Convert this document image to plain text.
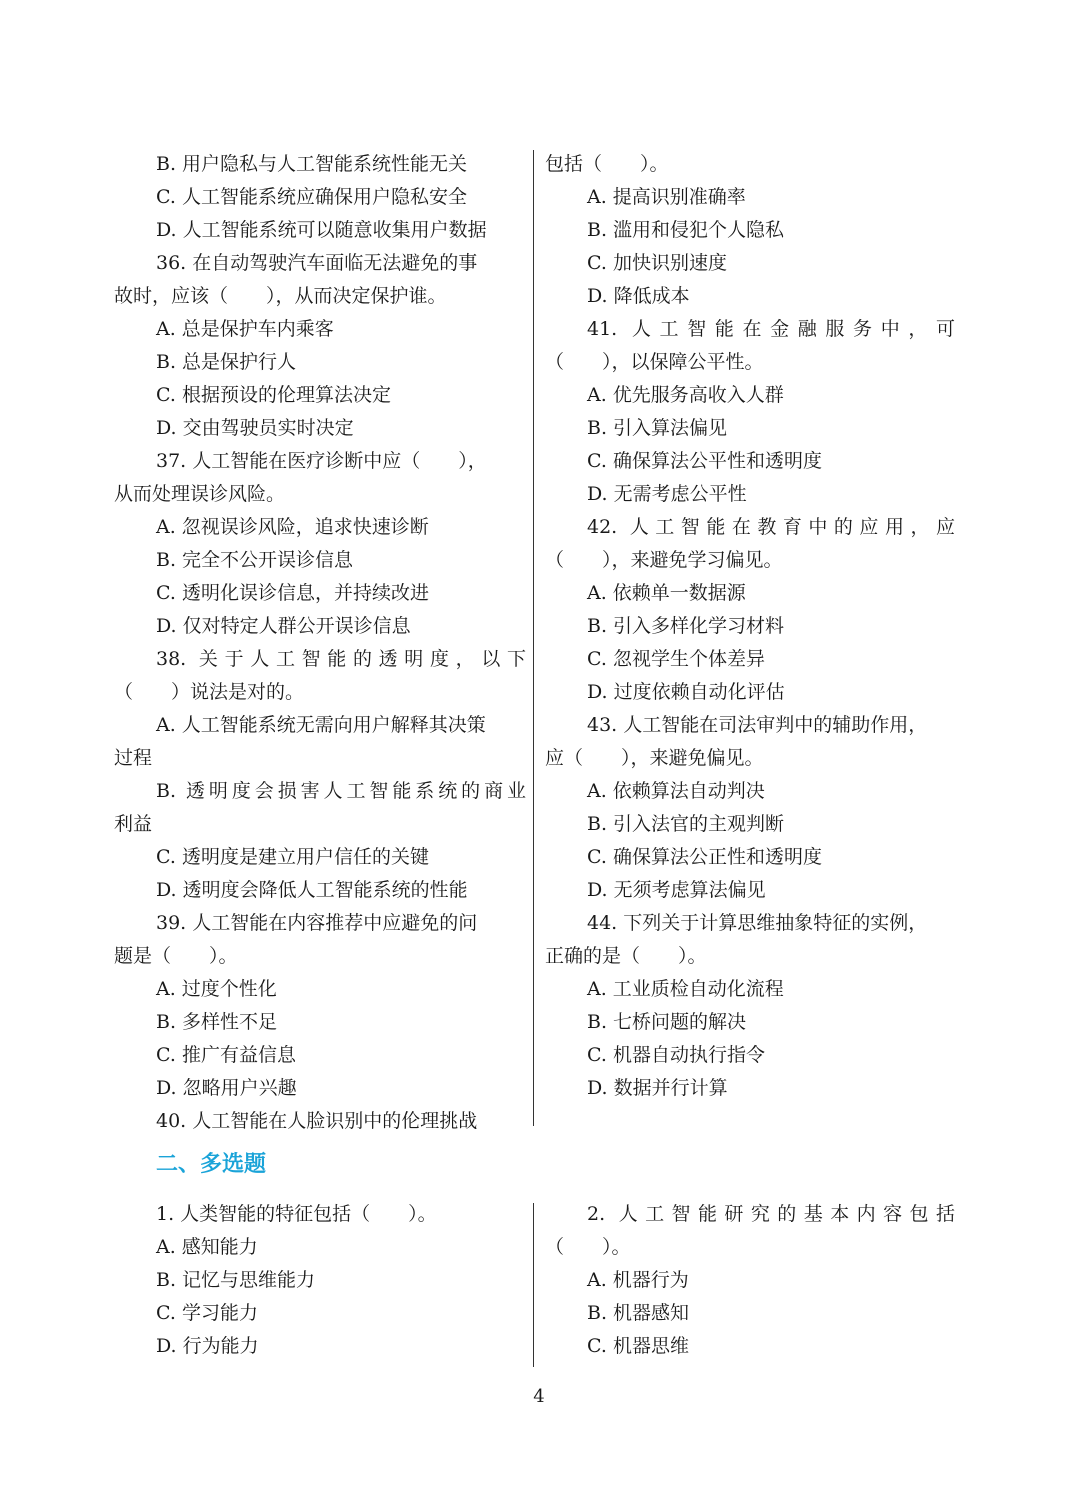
B. 用户隐私与人工智能系统性能无关
C. 人工智能系统应确保用户隐私安全
D. 人工智能系统可以随意收集用户数据
36. 在自动驾驶汽车面临无法避免的事
故时，应该（　　），从而决定保护谁。
A. 总是保护车内乘客
B. 总是保护行人
C. 根据预设的伦理算法决定
D. 交由驾驶员实时决定
37. 人工智能在医疗诊断中应（　　），
从而处理误诊风险。
A. 忽视误诊风险，追求快速诊断
B. 完全不公开误诊信息
C. 透明化误诊信息，并持续改进
D. 仅对特定人群公开误诊信息
38. 关于人工智能的透明度，以下
（　　）说法是对的。
A. 人工智能系统无需向用户解释其决策
过程
B. 透明度会损害人工智能系统的商业
利益
C. 透明度是建立用户信任的关键
D. 透明度会降低人工智能系统的性能
39. 人工智能在内容推荐中应避免的问
题是（　　）。
A. 过度个性化
B. 多样性不足
C. 推广有益信息
D. 忽略用户兴趣
40. 人工智能在人脸识别中的伦理挑战
包括（　　）。
A. 提高识别准确率
B. 滥用和侵犯个人隐私
C. 加快识别速度
D. 降低成本
41. 人工智能在金融服务中，可
（　　），以保障公平性。
A. 优先服务高收入人群
B. 引入算法偏见
C. 确保算法公平性和透明度
D. 无需考虑公平性
42. 人工智能在教育中的应用，应
（　　），来避免学习偏见。
A. 依赖单一数据源
B. 引入多样化学习材料
C. 忽视学生个体差异
D. 过度依赖自动化评估
43. 人工智能在司法审判中的辅助作用，
应（　　），来避免偏见。
A. 依赖算法自动判决
B. 引入法官的主观判断
C. 确保算法公正性和透明度
D. 无须考虑算法偏见
44. 下列关于计算思维抽象特征的实例，
正确的是（　　）。
A. 工业质检自动化流程
B. 七桥问题的解决
C. 机器自动执行指令
D. 数据并行计算
二、多选题
1. 人类智能的特征包括（　　）。
A. 感知能力
B. 记忆与思维能力
C. 学习能力
D. 行为能力
2. 人工智能研究的基本内容包括
（　　）。
A. 机器行为
B. 机器感知
C. 机器思维
4
